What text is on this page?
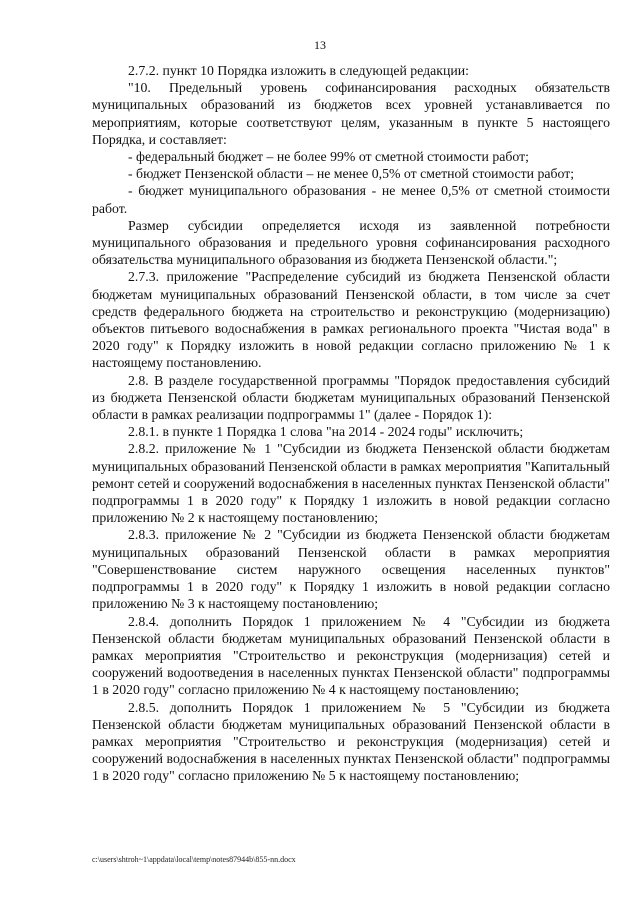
13

2.7.2. пункт 10 Порядка изложить в следующей редакции:

"10. Предельный уровень софинансирования расходных обязательств муниципальных образований из бюджетов всех уровней устанавливается по мероприятиям, которые соответствуют целям, указанным в пункте 5 настоящего Порядка, и составляет:

- федеральный бюджет – не более 99% от сметной стоимости работ;

- бюджет Пензенской области – не менее 0,5% от сметной стоимости работ;

- бюджет муниципального образования - не менее 0,5% от сметной стоимости работ.

Размер субсидии определяется исходя из заявленной потребности муниципального образования и предельного уровня софинансирования расходного обязательства муниципального образования из бюджета Пензенской области.";

2.7.3. приложение "Распределение субсидий из бюджета Пензенской области бюджетам муниципальных образований Пензенской области, в том числе за счет средств федерального бюджета на строительство и реконструкцию (модернизацию) объектов питьевого водоснабжения в рамках регионального проекта "Чистая вода" в 2020 году" к Порядку изложить в новой редакции согласно приложению № 1 к настоящему постановлению.

2.8. В разделе государственной программы "Порядок предоставления субсидий из бюджета Пензенской области бюджетам муниципальных образований Пензенской области в рамках реализации подпрограммы 1" (далее - Порядок 1):

2.8.1. в пункте 1 Порядка 1 слова "на 2014 - 2024 годы" исключить;

2.8.2. приложение № 1 "Субсидии из бюджета Пензенской области бюджетам муниципальных образований Пензенской области в рамках мероприятия "Капитальный ремонт сетей и сооружений водоснабжения в населенных пунктах Пензенской области" подпрограммы 1 в 2020 году" к Порядку 1 изложить в новой редакции согласно приложению № 2 к настоящему постановлению;

2.8.3. приложение № 2 "Субсидии из бюджета Пензенской области бюджетам муниципальных образований Пензенской области в рамках мероприятия "Совершенствование систем наружного освещения населенных пунктов" подпрограммы 1 в 2020 году" к Порядку 1 изложить в новой редакции согласно приложению № 3 к настоящему постановлению;

2.8.4. дополнить Порядок 1 приложением № 4 "Субсидии из бюджета Пензенской области бюджетам муниципальных образований Пензенской области в рамках мероприятия "Строительство и реконструкция (модернизация) сетей и сооружений водоотведения в населенных пунктах Пензенской области" подпрограммы 1 в 2020 году" согласно приложению № 4 к настоящему постановлению;

2.8.5. дополнить Порядок 1 приложением № 5 "Субсидии из бюджета Пензенской области бюджетам муниципальных образований Пензенской области в рамках мероприятия "Строительство и реконструкция (модернизация) сетей и сооружений водоснабжения в населенных пунктах Пензенской области" подпрограммы 1 в 2020 году" согласно приложению № 5 к настоящему постановлению;

c:\users\shtroh~1\appdata\local\temp\notes87944b\855-nn.docx
